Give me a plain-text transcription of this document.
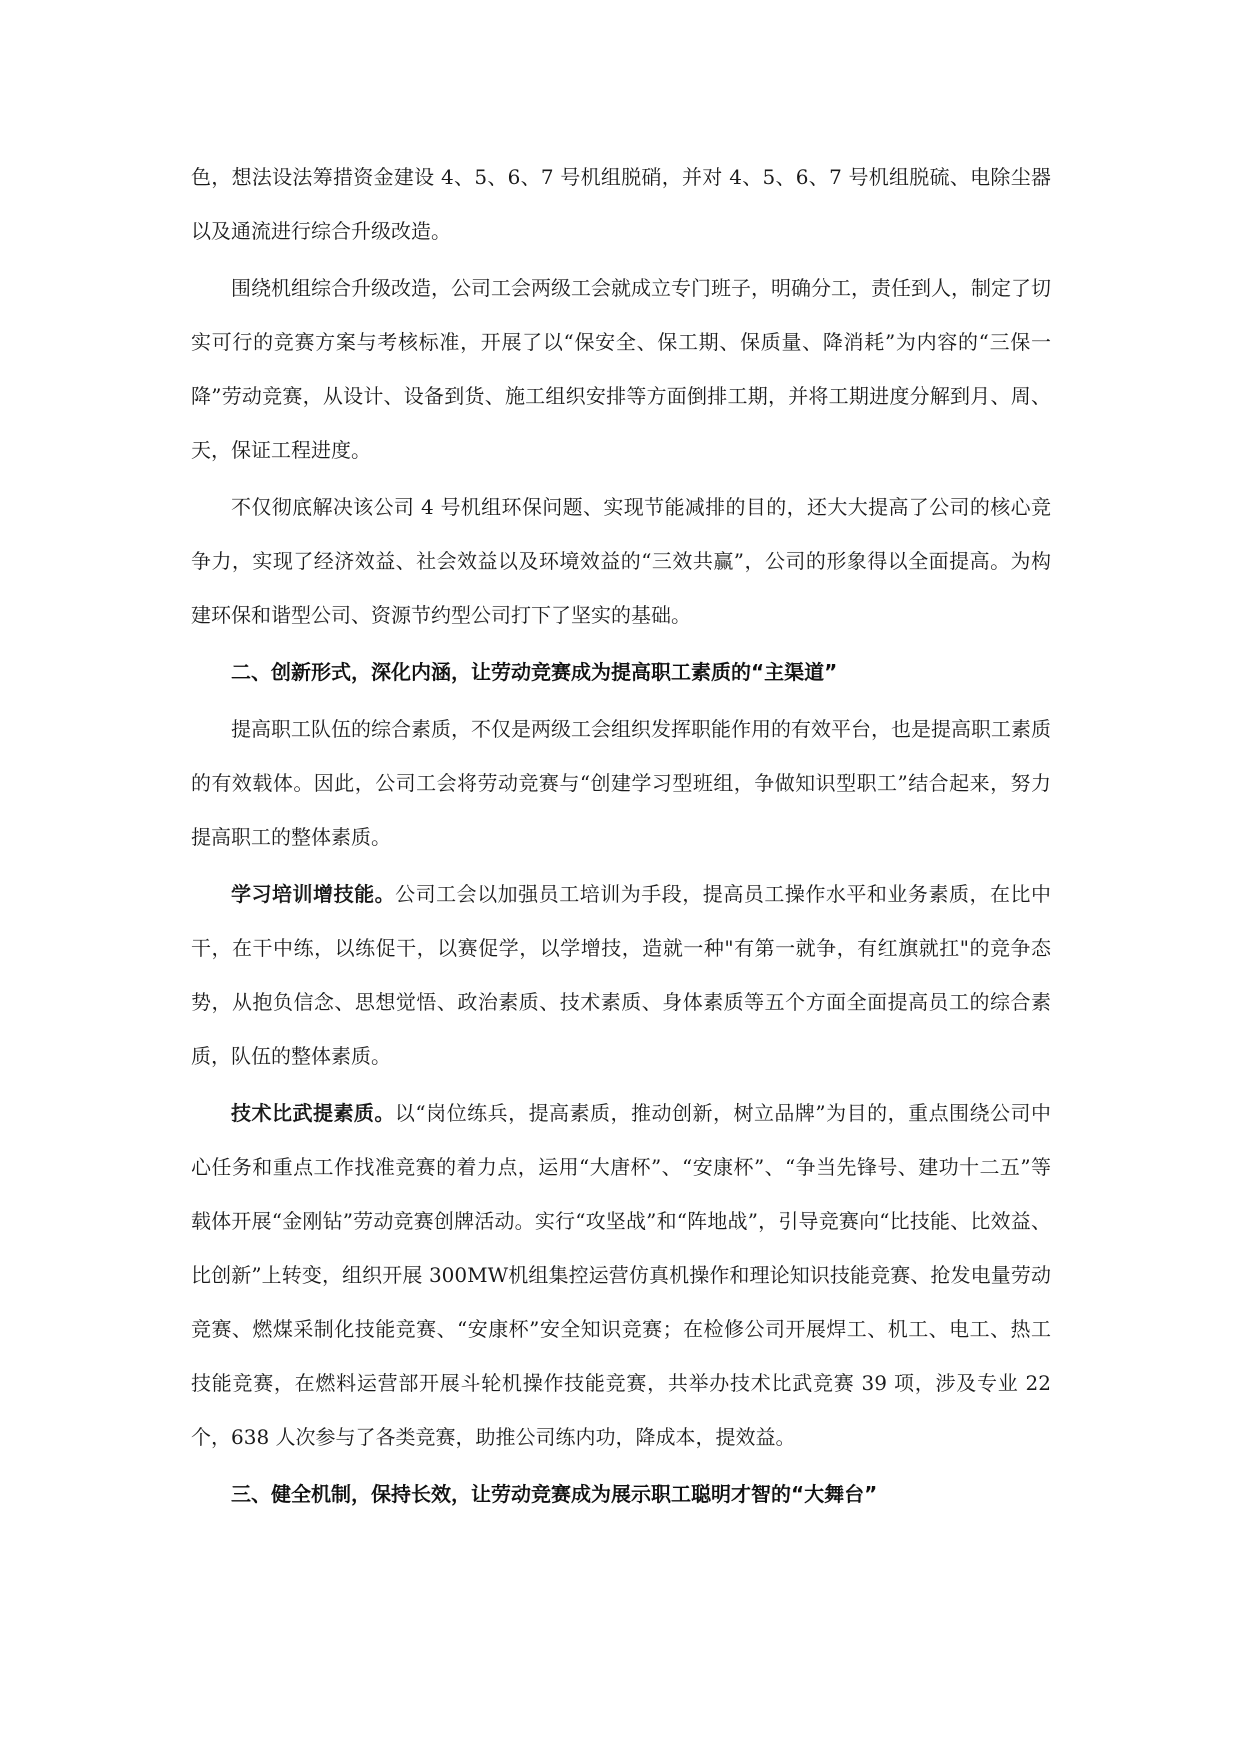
色，想法设法筹措资金建设 4、5、6、7 号机组脱硝，并对 4、5、6、7 号机组脱硫、电除尘器以及通流进行综合升级改造。

围绕机组综合升级改造，公司工会两级工会就成立专门班子，明确分工，责任到人，制定了切实可行的竞赛方案与考核标准，开展了以“保安全、保工期、保质量、降消耗”为内容的“三保一降”劳动竞赛，从设计、设备到货、施工组织安排等方面倒排工期，并将工期进度分解到月、周、天，保证工程进度。

不仅彻底解决该公司 4 号机组环保问题、实现节能减排的目的，还大大提高了公司的核心竞争力，实现了经济效益、社会效益以及环境效益的“三效共赢”，公司的形象得以全面提高。为构建环保和谐型公司、资源节约型公司打下了坚实的基础。

二、创新形式，深化内涵，让劳动竞赛成为提高职工素质的“主渠道”

提高职工队伍的综合素质，不仅是两级工会组织发挥职能作用的有效平台，也是提高职工素质的有效载体。因此，公司工会将劳动竞赛与“创建学习型班组，争做知识型职工”结合起来，努力提高职工的整体素质。

学习培训增技能。公司工会以加强员工培训为手段，提高员工操作水平和业务素质，在比中干，在干中练，以练促干，以赛促学，以学增技，造就一种"有第一就争，有红旗就扛"的竞争态势，从抱负信念、思想觉悟、政治素质、技术素质、身体素质等五个方面全面提高员工的综合素质，队伍的整体素质。

技术比武提素质。以“岗位练兵，提高素质，推动创新，树立品牌”为目的，重点围绕公司中心任务和重点工作找准竞赛的着力点，运用“大唐杯”、“安康杯”、“争当先锋号、建功十二五”等载体开展“金刚钻”劳动竞赛创牌活动。实行“攻坚战”和“阵地战”，引导竞赛向“比技能、比效益、比创新”上转变，组织开展 300MW机组集控运营仿真机操作和理论知识技能竞赛、抢发电量劳动竞赛、燃煤采制化技能竞赛、“安康杯”安全知识竞赛；在检修公司开展焊工、机工、电工、热工技能竞赛，在燃料运营部开展斗轮机操作技能竞赛，共举办技术比武竞赛 39 项，涉及专业 22 个，638 人次参与了各类竞赛，助推公司练内功，降成本，提效益。

三、健全机制，保持长效，让劳动竞赛成为展示职工聪明才智的“大舞台”
